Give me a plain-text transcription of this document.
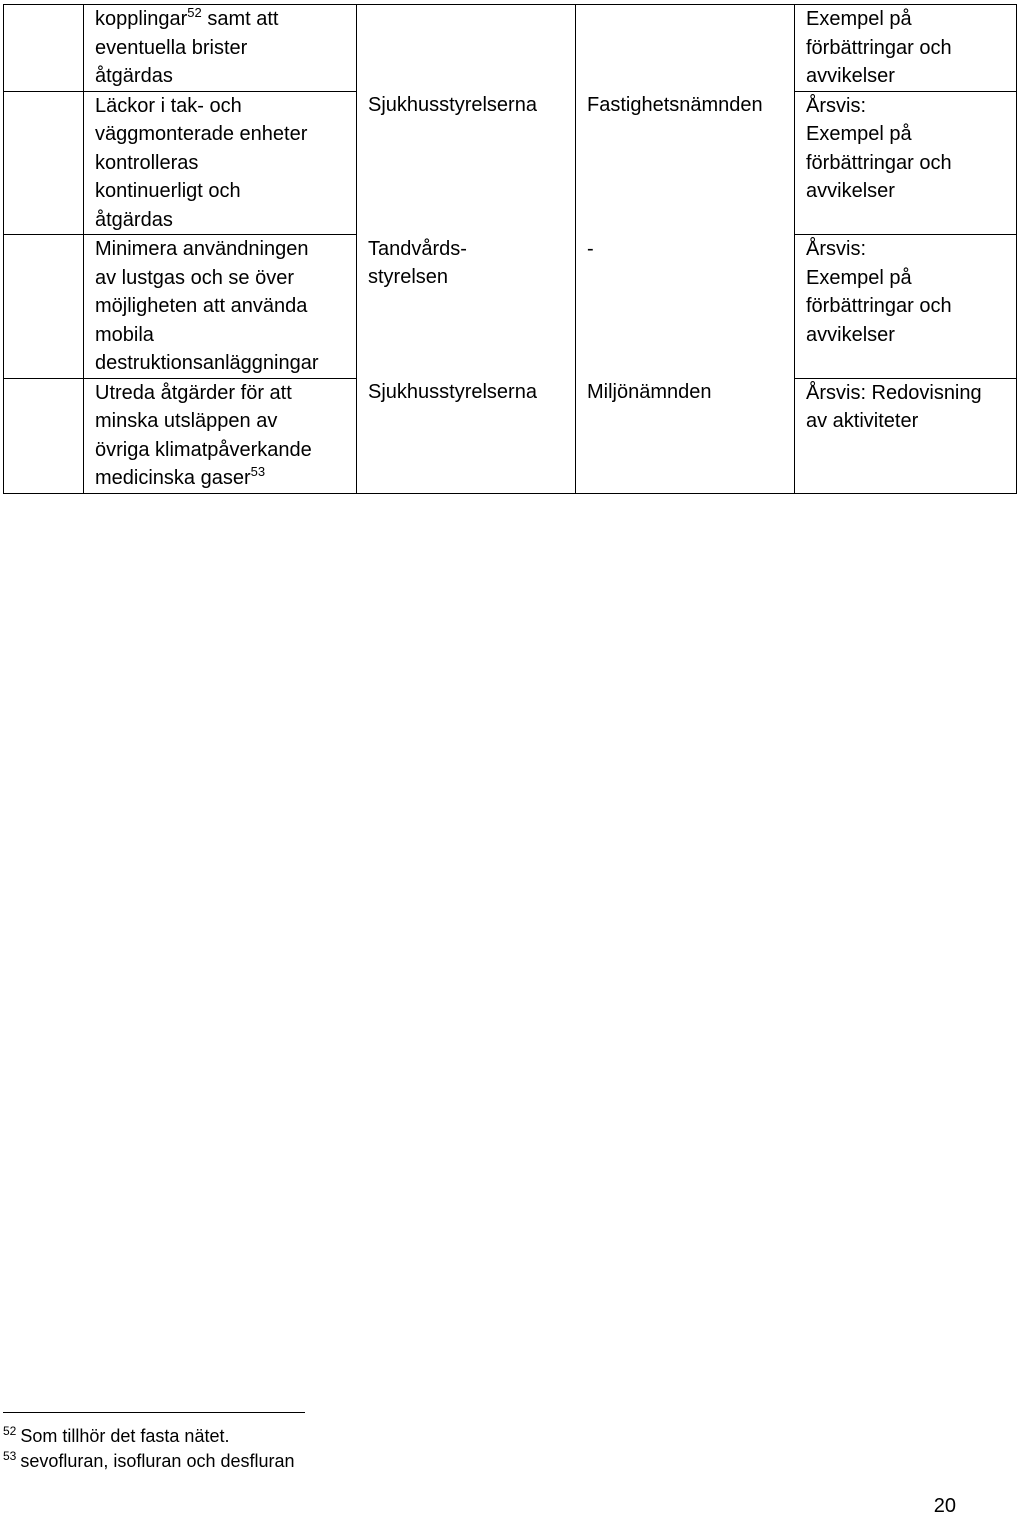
	kopplingar$^{52}$ samt att
eventuella brister
åtgärdas			Exempel på
förbättringar och
avvikelser
	Läckor i tak- och
väggmonterade enheter
kontrolleras
kontinuerligt och
åtgärdas	Sjukhusstyrelserna	Fastighetsnämnden	Årsvis:
Exempel på
förbättringar och
avvikelser
	Minimera användningen
av lustgas och se över
möjligheten att använda
mobila
destruktionsanläggningar	Tandvårds-
styrelsen	-	Årsvis:
Exempel på
förbättringar och
avvikelser
	Utreda åtgärder för att
minska utsläppen av
övriga klimatpåverkande
medicinska gaser$^{53}$	Sjukhusstyrelserna	Miljönämnden	Årsvis: Redovisning
av aktiviteter
$^{52}$ Som tillhör det fasta nätet.
$^{53}$ sevofluran, isofluran och desfluran
20
